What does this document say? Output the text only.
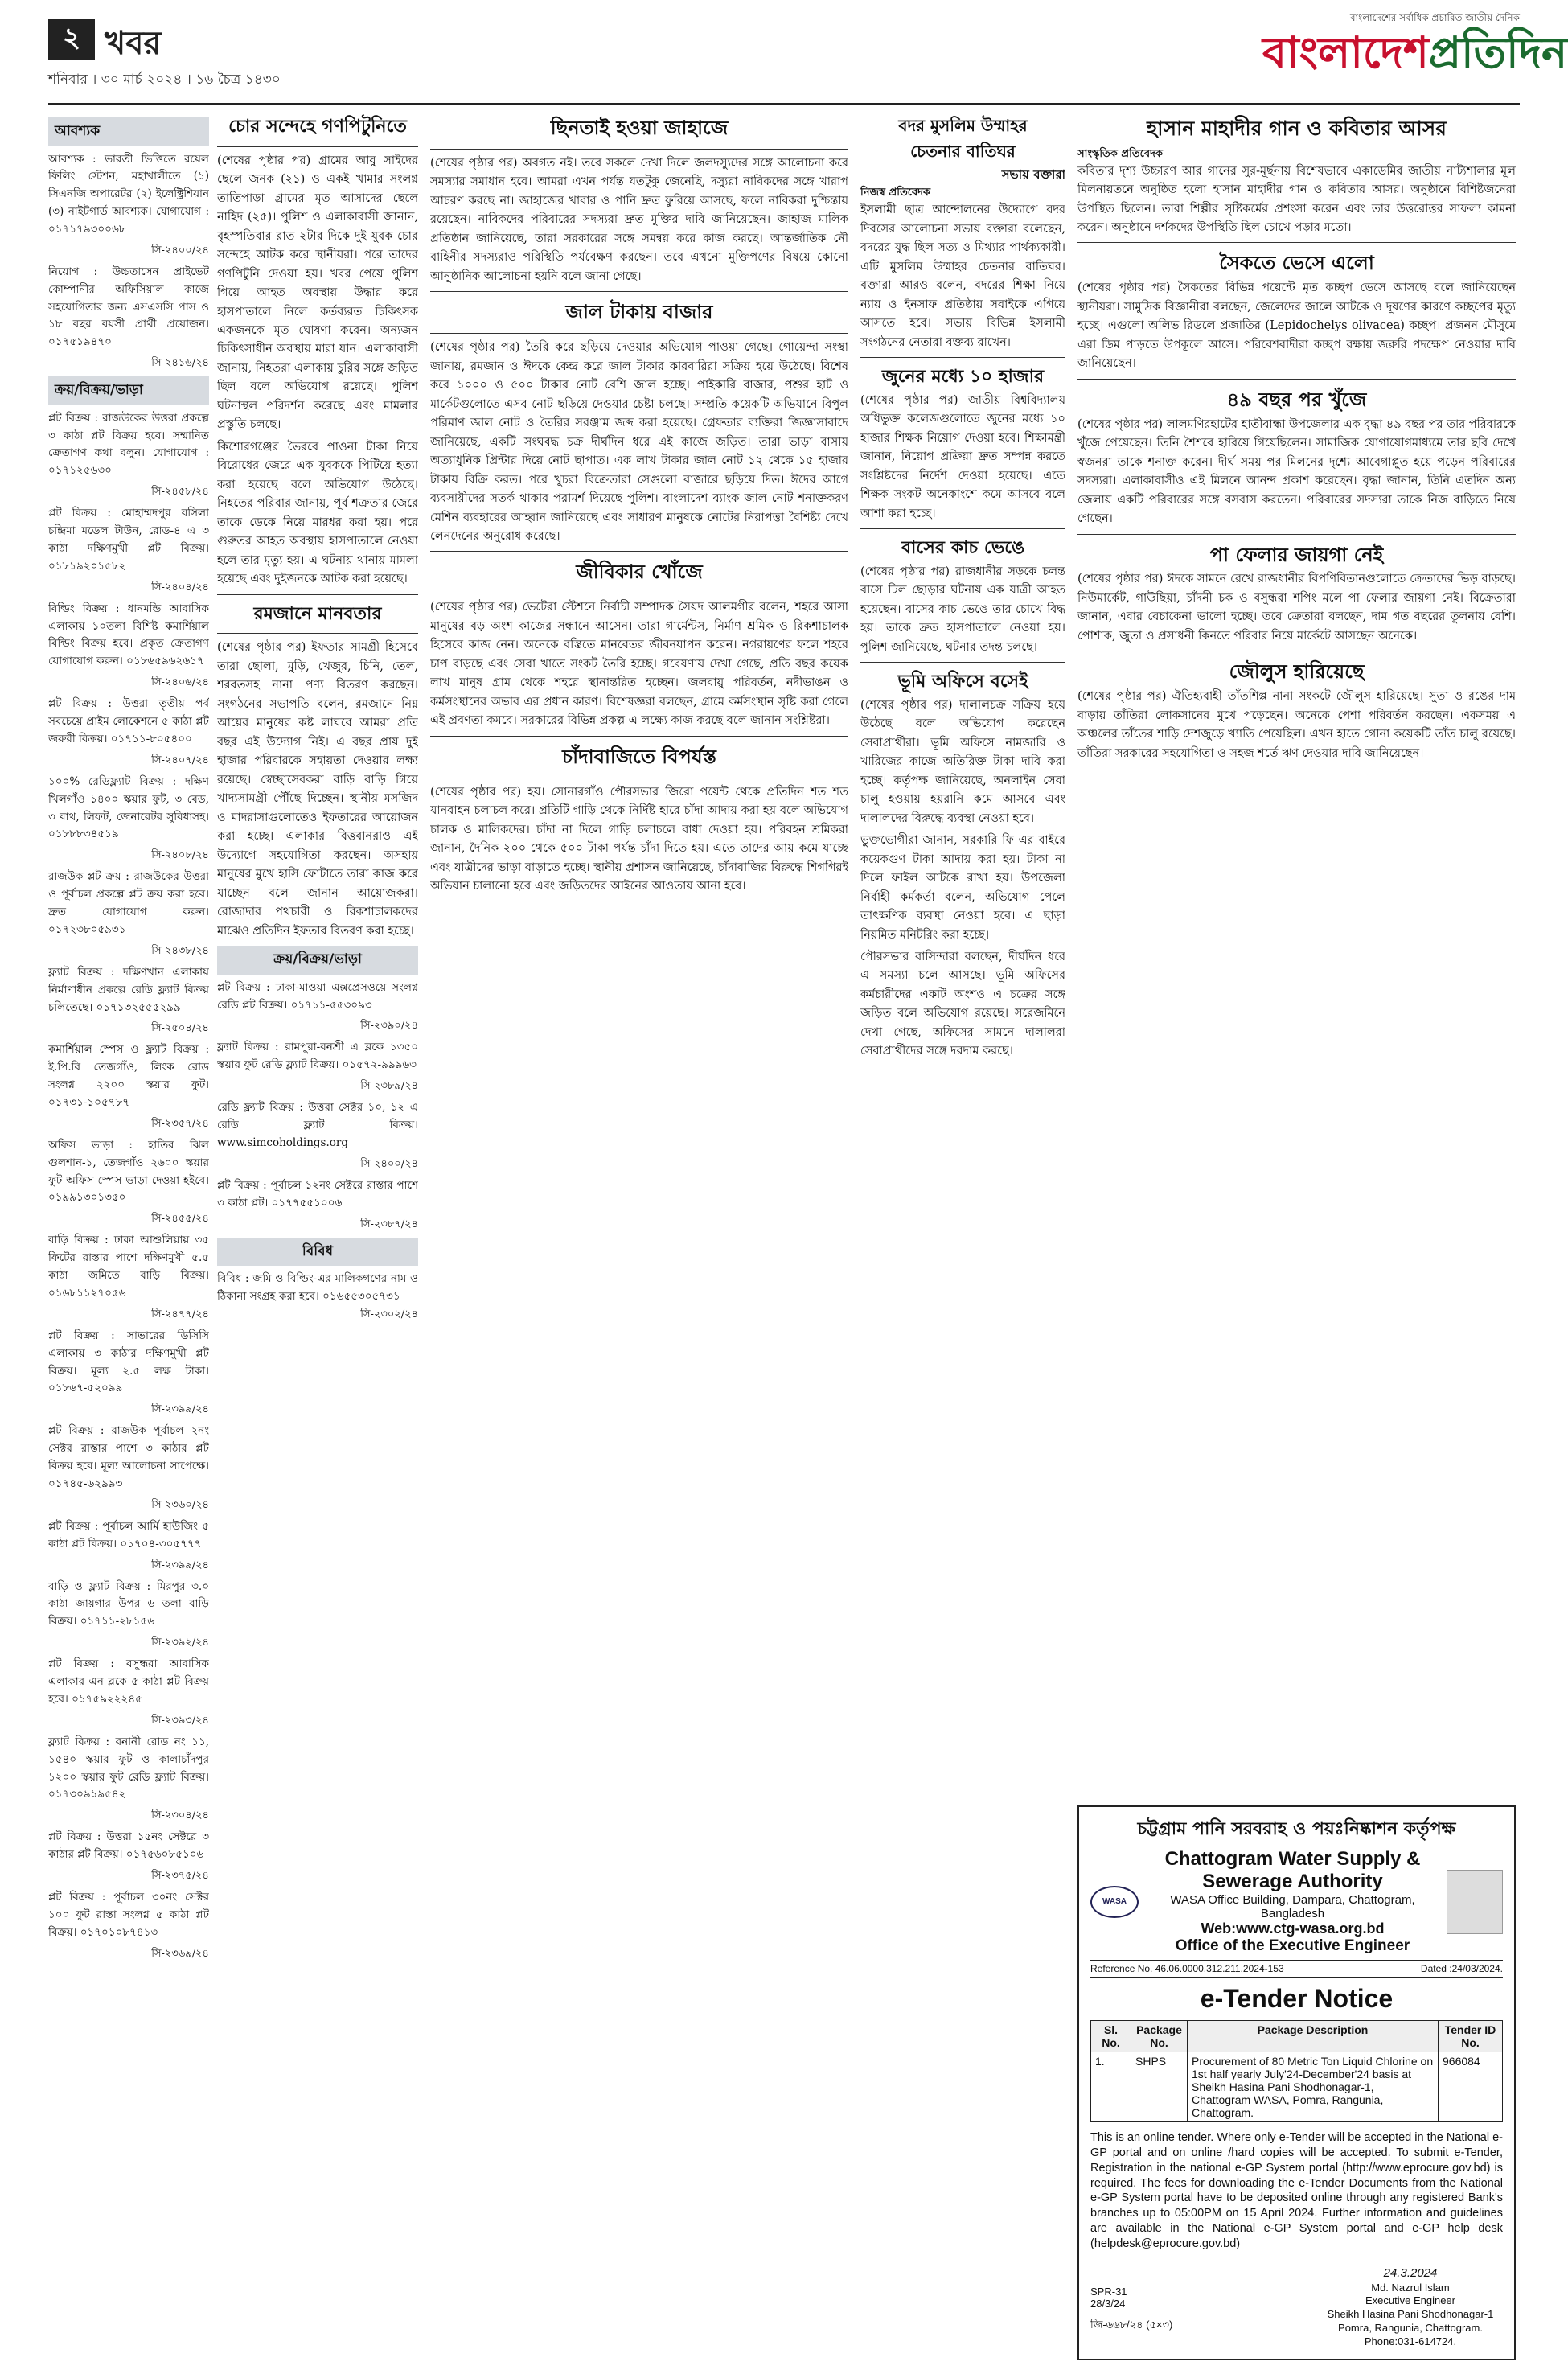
২ খবর
শনিবার । ৩০ মার্চ ২০২৪ । ১৬ চৈত্র ১৪৩০
বাংলাদেশের সর্বাধিক প্রচারিত জাতীয় দৈনিক
বাংলাদেশপ্রতিদিন
আবশ্যক

আবশ্যক : ভারতী ভিত্তিতে রয়েল ফিলিং স্টেশন, মহাখালীতে (১) সিএনজি অপারেটর (২) ইলেক্ট্রিশিয়ান (৩) নাইটগার্ড আবশ্যক। যোগাযোগ : ০১৭১৭৯৩০০৬৮

সি-২৪০০/২৪

নিয়োগ : উচ্চতাসেন প্রাইভেট কোম্পানীর অফিসিয়াল কাজে সহযোগিতার জন্য এসএসসি পাস ও ১৮ বছর বয়সী প্রার্থী প্রয়োজন। ০১৭৫১৯৪৭০

সি-২৪১৬/২৪
ক্রয়/বিক্রয়/ভাড়া

প্লট বিক্রয় : রাজউকের উত্তরা প্রকল্পে ৩ কাঠা প্লট বিক্রয় হবে। সম্মানিত ক্রেতাগণ কথা বলুন। যোগাযোগ : ০১৭১২৫৬৩০

সি-২৪৫৮/২৪

প্লট বিক্রয় : মোহাম্মদপুর বসিলা চন্দ্রিমা মডেল টাউন, রোড-৪ এ ৩ কাঠা দক্ষিণমুখী প্লট বিক্রয়। ০১৮১৯২০১৫৮২

সি-২৪০৪/২৪

বিল্ডিং বিক্রয় : ধানমন্ডি আবাসিক এলাকায় ১০তলা বিশিষ্ট কমার্শিয়াল বিল্ডিং বিক্রয় হবে। প্রকৃত ক্রেতাগণ যোগাযোগ করুন। ০১৮৬৫৯৬২৬১৭

সি-২৪০৬/২৪

প্লট বিক্রয় : উত্তরা তৃতীয় পর্ব সবচেয়ে প্রাইম লোকেশনে ৫ কাঠা প্লট জরুরী বিক্রয়। ০১৭১১-৮০৫৪০০

সি-২৪০৭/২৪

১০০% রেডিফ্ল্যাট বিক্রয় : দক্ষিণ খিলগাঁও ১৪০০ স্কয়ার ফুট, ৩ বেড, ৩ বাথ, লিফট, জেনারেটর সুবিধাসহ। ০১৮৮৮৩৪৫১৯

সি-২৪০৮/২৪

রাজউক প্লট ক্রয় : রাজউকের উত্তরা ও পূর্বাচল প্রকল্পে প্লট ক্রয় করা হবে। দ্রুত যোগাযোগ করুন। ০১৭২৩৮০৫৯৩১

সি-২৪৩৮/২৪

ফ্ল্যাট বিক্রয় : দক্ষিণখান এলাকায় নির্মাণাধীন প্রকল্পে রেডি ফ্ল্যাট বিক্রয় চলিতেছে। ০১৭১৩২৫৫৫২৯৯

সি-২৫০৪/২৪

কমার্শিয়াল স্পেস ও ফ্ল্যাট বিক্রয় : ই.পি.বি তেজগাঁও, লিংক রোড সংলগ্ন ২২০০ স্কয়ার ফুট। ০১৭৩১-১০৫৭৮৭

সি-২৩৫৭/২৪

অফিস ভাড়া : হাতির ঝিল গুলশান-১, তেজগাঁও ২৬০০ স্কয়ার ফুট অফিস স্পেস ভাড়া দেওয়া হইবে। ০১৯৯১৩০১৩৫০

সি-২৪৫৫/২৪

বাড়ি বিক্রয় : ঢাকা আশুলিয়ায় ৩৫ ফিটের রাস্তার পাশে দক্ষিণমুখী ৫.৫ কাঠা জমিতে বাড়ি বিক্রয়। ০১৬৮১১২৭০৫৬

সি-২৪৭৭/২৪

প্লট বিক্রয় : সাভারের ডিসিসি এলাকায় ৩ কাঠার দক্ষিণমুখী প্লট বিক্রয়। মূল্য ২.৫ লক্ষ টাকা। ০১৮৬৭-৫২০৯৯

সি-২৩৯৯/২৪

প্লট বিক্রয় : রাজউক পূর্বাচল ২নং সেক্টর রাস্তার পাশে ৩ কাঠার প্লট বিক্রয় হবে। মূল্য আলোচনা সাপেক্ষে। ০১৭৪৫-৬২৯৯৩

সি-২৩৬০/২৪

প্লট বিক্রয় : পূর্বাচল আর্মি হাউজিং ৫ কাঠা প্লট বিক্রয়। ০১৭০৪-৩০৫৭৭৭

সি-২৩৯৯/২৪

বাড়ি ও ফ্ল্যাট বিক্রয় : মিরপুর ৩.০ কাঠা জায়গার উপর ৬ তলা বাড়ি বিক্রয়। ০১৭১১-২৮১৫৬

সি-২৩৯২/২৪

প্লট বিক্রয় : বসুন্ধরা আবাসিক এলাকার এন ব্লকে ৫ কাঠা প্লট বিক্রয় হবে। ০১৭৫৯২২২৪৫

সি-২৩৯৩/২৪

ফ্ল্যাট বিক্রয় : বনানী রোড নং ১১, ১৫৪০ স্কয়ার ফুট ও কালাচাঁদপুর ১২০০ স্কয়ার ফুট রেডি ফ্ল্যাট বিক্রয়। ০১৭৩০৯১৯৫৪২

সি-২৩০৪/২৪

প্লট বিক্রয় : উত্তরা ১৫নং সেক্টরে ৩ কাঠার প্লট বিক্রয়। ০১৭৫৬০৮৫১০৬

সি-২৩৭৫/২৪

প্লট বিক্রয় : পূর্বাচল ৩০নং সেক্টর ১০০ ফুট রাস্তা সংলগ্ন ৫ কাঠা প্লট বিক্রয়। ০১৭০১০৮৭৪১৩

সি-২৩৬৯/২৪
চোর সন্দেহে গণপিটুনিতে

(শেষের পৃষ্ঠার পর) গ্রামের আবু সাইদের ছেলে জনক (২১) ও একই খামার সংলগ্ন তাতিপাড়া গ্রামের মৃত আসাদের ছেলে নাহিদ (২৫)। পুলিশ ও এলাকাবাসী জানান, বৃহস্পতিবার রাত ২টার দিকে দুই যুবক চোর সন্দেহে আটক করে স্থানীয়রা। পরে তাদের গণপিটুনি দেওয়া হয়। খবর পেয়ে পুলিশ গিয়ে আহত অবস্থায় উদ্ধার করে হাসপাতালে নিলে কর্তব্যরত চিকিৎসক একজনকে মৃত ঘোষণা করেন। অন্যজন চিকিৎসাধীন অবস্থায় মারা যান। এলাকাবাসী জানায়, নিহতরা এলাকায় চুরির সঙ্গে জড়িত ছিল বলে অভিযোগ রয়েছে। পুলিশ ঘটনাস্থল পরিদর্শন করেছে এবং মামলার প্রস্তুতি চলছে।

কিশোরগঞ্জের ভৈরবে পাওনা টাকা নিয়ে বিরোধের জেরে এক যুবককে পিটিয়ে হত্যা করা হয়েছে বলে অভিযোগ উঠেছে। নিহতের পরিবার জানায়, পূর্ব শত্রুতার জেরে তাকে ডেকে নিয়ে মারধর করা হয়। পরে গুরুতর আহত অবস্থায় হাসপাতালে নেওয়া হলে তার মৃত্যু হয়। এ ঘটনায় থানায় মামলা হয়েছে এবং দুইজনকে আটক করা হয়েছে।

রমজানে মানবতার

(শেষের পৃষ্ঠার পর) ইফতার সামগ্রী হিসেবে তারা ছোলা, মুড়ি, খেজুর, চিনি, তেল, শরবতসহ নানা পণ্য বিতরণ করছেন। সংগঠনের সভাপতি বলেন, রমজানে নিম্ন আয়ের মানুষের কষ্ট লাঘবে আমরা প্রতি বছর এই উদ্যোগ নিই। এ বছর প্রায় দুই হাজার পরিবারকে সহায়তা দেওয়ার লক্ষ্য রয়েছে। স্বেচ্ছাসেবকরা বাড়ি বাড়ি গিয়ে খাদ্যসামগ্রী পৌঁছে দিচ্ছেন। স্থানীয় মসজিদ ও মাদরাসাগুলোতেও ইফতারের আয়োজন করা হচ্ছে। এলাকার বিত্তবানরাও এই উদ্যোগে সহযোগিতা করছেন। অসহায় মানুষের মুখে হাসি ফোটাতে তারা কাজ করে যাচ্ছেন বলে জানান আয়োজকরা। রোজাদার পথচারী ও রিকশাচালকদের মাঝেও প্রতিদিন ইফতার বিতরণ করা হচ্ছে।

ক্রয়/বিক্রয়/ভাড়া

প্লট বিক্রয় : ঢাকা-মাওয়া এক্সপ্রেসওয়ে সংলগ্ন রেডি প্লট বিক্রয়। ০১৭১১-৫৫৩০৯৩

সি-২৩৯০/২৪

ফ্ল্যাট বিক্রয় : রামপুরা-বনশ্রী এ ব্লকে ১৩৫০ স্কয়ার ফুট রেডি ফ্ল্যাট বিক্রয়। ০১৫৭২-৯৯৯৬৩

সি-২৩৮৯/২৪

রেডি ফ্ল্যাট বিক্রয় : উত্তরা সেক্টর ১০, ১২ এ রেডি ফ্ল্যাট বিক্রয়। www.simcoholdings.org

সি-২৪০০/২৪

প্লট বিক্রয় : পূর্বাচল ১২নং সেক্টরে রাস্তার পাশে ৩ কাঠা প্লট। ০১৭৭৫৫১০০৬

সি-২৩৮৭/২৪
বিবিধ

বিবিধ : জমি ও বিল্ডিং-এর মালিকগণের নাম ও ঠিকানা সংগ্রহ করা হবে। ০১৬৫৫৩০৫৭৩১

সি-২৩০২/২৪
ছিনতাই হওয়া জাহাজে

(শেষের পৃষ্ঠার পর) অবগত নই। তবে সকলে দেখা দিলে জলদস্যুদের সঙ্গে আলোচনা করে সমস্যার সমাধান হবে। আমরা এখন পর্যন্ত যতটুকু জেনেছি, দস্যুরা নাবিকদের সঙ্গে খারাপ আচরণ করছে না। জাহাজের খাবার ও পানি দ্রুত ফুরিয়ে আসছে, ফলে নাবিকরা দুশ্চিন্তায় রয়েছেন। নাবিকদের পরিবারের সদস্যরা দ্রুত মুক্তির দাবি জানিয়েছেন। জাহাজ মালিক প্রতিষ্ঠান জানিয়েছে, তারা সরকারের সঙ্গে সমন্বয় করে কাজ করছে। আন্তর্জাতিক নৌ বাহিনীর সদস্যরাও পরিস্থিতি পর্যবেক্ষণ করছেন। তবে এখনো মুক্তিপণের বিষয়ে কোনো আনুষ্ঠানিক আলোচনা হয়নি বলে জানা গেছে।

জাল টাকায় বাজার

(শেষের পৃষ্ঠার পর) তৈরি করে ছড়িয়ে দেওয়ার অভিযোগ পাওয়া গেছে। গোয়েন্দা সংস্থা জানায়, রমজান ও ঈদকে কেন্দ্র করে জাল টাকার কারবারিরা সক্রিয় হয়ে উঠেছে। বিশেষ করে ১০০০ ও ৫০০ টাকার নোট বেশি জাল হচ্ছে। পাইকারি বাজার, পশুর হাট ও মার্কেটগুলোতে এসব নোট ছড়িয়ে দেওয়ার চেষ্টা চলছে। সম্প্রতি কয়েকটি অভিযানে বিপুল পরিমাণ জাল নোট ও তৈরির সরঞ্জাম জব্দ করা হয়েছে। গ্রেফতার ব্যক্তিরা জিজ্ঞাসাবাদে জানিয়েছে, একটি সংঘবদ্ধ চক্র দীর্ঘদিন ধরে এই কাজে জড়িত। তারা ভাড়া বাসায় অত্যাধুনিক প্রিন্টার দিয়ে নোট ছাপাত। এক লাখ টাকার জাল নোট ১২ থেকে ১৫ হাজার টাকায় বিক্রি করত। পরে খুচরা বিক্রেতারা সেগুলো বাজারে ছড়িয়ে দিত। ঈদের আগে ব্যবসায়ীদের সতর্ক থাকার পরামর্শ দিয়েছে পুলিশ। বাংলাদেশ ব্যাংক জাল নোট শনাক্তকরণ মেশিন ব্যবহারের আহ্বান জানিয়েছে এবং সাধারণ মানুষকে নোটের নিরাপত্তা বৈশিষ্ট্য দেখে লেনদেনের অনুরোধ করেছে।

জীবিকার খোঁজে

(শেষের পৃষ্ঠার পর) ভেটেরা স্টেশনে নির্বাচী সম্পাদক সৈয়দ আলমগীর বলেন, শহরে আসা মানুষের বড় অংশ কাজের সন্ধানে আসেন। তারা গার্মেন্টস, নির্মাণ শ্রমিক ও রিকশাচালক হিসেবে কাজ নেন। অনেকে বস্তিতে মানবেতর জীবনযাপন করেন। নগরায়ণের ফলে শহরে চাপ বাড়ছে এবং সেবা খাতে সংকট তৈরি হচ্ছে। গবেষণায় দেখা গেছে, প্রতি বছর কয়েক লাখ মানুষ গ্রাম থেকে শহরে স্থানান্তরিত হচ্ছেন। জলবায়ু পরিবর্তন, নদীভাঙন ও কর্মসংস্থানের অভাব এর প্রধান কারণ। বিশেষজ্ঞরা বলছেন, গ্রামে কর্মসংস্থান সৃষ্টি করা গেলে এই প্রবণতা কমবে। সরকারের বিভিন্ন প্রকল্প এ লক্ষ্যে কাজ করছে বলে জানান সংশ্লিষ্টরা।

চাঁদাবাজিতে বিপর্যস্ত

(শেষের পৃষ্ঠার পর) হয়। সোনারগাঁও পৌরসভার জিরো পয়েন্ট থেকে প্রতিদিন শত শত যানবাহন চলাচল করে। প্রতিটি গাড়ি থেকে নির্দিষ্ট হারে চাঁদা আদায় করা হয় বলে অভিযোগ চালক ও মালিকদের। চাঁদা না দিলে গাড়ি চলাচলে বাধা দেওয়া হয়। পরিবহন শ্রমিকরা জানান, দৈনিক ২০০ থেকে ৫০০ টাকা পর্যন্ত চাঁদা দিতে হয়। এতে তাদের আয় কমে যাচ্ছে এবং যাত্রীদের ভাড়া বাড়াতে হচ্ছে। স্থানীয় প্রশাসন জানিয়েছে, চাঁদাবাজির বিরুদ্ধে শিগগিরই অভিযান চালানো হবে এবং জড়িতদের আইনের আওতায় আনা হবে।

বদর মুসলিম উম্মাহর
চেতনার বাতিঘর
সভায় বক্তারা
নিজস্ব প্রতিবেদক

ইসলামী ছাত্র আন্দোলনের উদ্যোগে বদর দিবসের আলোচনা সভায় বক্তারা বলেছেন, বদরের যুদ্ধ ছিল সত্য ও মিথ্যার পার্থক্যকারী। এটি মুসলিম উম্মাহর চেতনার বাতিঘর। বক্তারা আরও বলেন, বদরের শিক্ষা নিয়ে ন্যায় ও ইনসাফ প্রতিষ্ঠায় সবাইকে এগিয়ে আসতে হবে। সভায় বিভিন্ন ইসলামী সংগঠনের নেতারা বক্তব্য রাখেন।

জুনের মধ্যে ১০ হাজার

(শেষের পৃষ্ঠার পর) জাতীয় বিশ্ববিদ্যালয় অধিভুক্ত কলেজগুলোতে জুনের মধ্যে ১০ হাজার শিক্ষক নিয়োগ দেওয়া হবে। শিক্ষামন্ত্রী জানান, নিয়োগ প্রক্রিয়া দ্রুত সম্পন্ন করতে সংশ্লিষ্টদের নির্দেশ দেওয়া হয়েছে। এতে শিক্ষক সংকট অনেকাংশে কমে আসবে বলে আশা করা হচ্ছে।

বাসের কাচ ভেঙে

(শেষের পৃষ্ঠার পর) রাজধানীর সড়কে চলন্ত বাসে ঢিল ছোড়ার ঘটনায় এক যাত্রী আহত হয়েছেন। বাসের কাচ ভেঙে তার চোখে বিদ্ধ হয়। তাকে দ্রুত হাসপাতালে নেওয়া হয়। পুলিশ জানিয়েছে, ঘটনার তদন্ত চলছে।

ভূমি অফিসে বসেই

(শেষের পৃষ্ঠার পর) দালালচক্র সক্রিয় হয়ে উঠেছে বলে অভিযোগ করেছেন সেবাপ্রার্থীরা। ভূমি অফিসে নামজারি ও খারিজের কাজে অতিরিক্ত টাকা দাবি করা হচ্ছে। কর্তৃপক্ষ জানিয়েছে, অনলাইন সেবা চালু হওয়ায় হয়রানি কমে আসবে এবং দালালদের বিরুদ্ধে ব্যবস্থা নেওয়া হবে।

ভুক্তভোগীরা জানান, সরকারি ফি এর বাইরে কয়েকগুণ টাকা আদায় করা হয়। টাকা না দিলে ফাইল আটকে রাখা হয়। উপজেলা নির্বাহী কর্মকর্তা বলেন, অভিযোগ পেলে তাৎক্ষণিক ব্যবস্থা নেওয়া হবে। এ ছাড়া নিয়মিত মনিটরিং করা হচ্ছে।

পৌরসভার বাসিন্দারা বলছেন, দীর্ঘদিন ধরে এ সমস্যা চলে আসছে। ভূমি অফিসের কর্মচারীদের একটি অংশও এ চক্রের সঙ্গে জড়িত বলে অভিযোগ রয়েছে। সরেজমিনে দেখা গেছে, অফিসের সামনে দালালরা সেবাপ্রার্থীদের সঙ্গে দরদাম করছে।

হাসান মাহাদীর গান ও কবিতার আসর
সাংস্কৃতিক প্রতিবেদক

কবিতার দৃশ্য উচ্চারণ আর গানের সুর-মূর্ছনায় বিশেষভাবে একাডেমির জাতীয় নাট্যশালার মূল মিলনায়তনে অনুষ্ঠিত হলো হাসান মাহাদীর গান ও কবিতার আসর। অনুষ্ঠানে বিশিষ্টজনেরা উপস্থিত ছিলেন। তারা শিল্পীর সৃষ্টিকর্মের প্রশংসা করেন এবং তার উত্তরোত্তর সাফল্য কামনা করেন। অনুষ্ঠানে দর্শকদের উপস্থিতি ছিল চোখে পড়ার মতো।

সৈকতে ভেসে এলো

(শেষের পৃষ্ঠার পর) সৈকতের বিভিন্ন পয়েন্টে মৃত কচ্ছপ ভেসে আসছে বলে জানিয়েছেন স্থানীয়রা। সামুদ্রিক বিজ্ঞানীরা বলছেন, জেলেদের জালে আটকে ও দূষণের কারণে কচ্ছপের মৃত্যু হচ্ছে। এগুলো অলিভ রিডলে প্রজাতির (Lepidochelys olivacea) কচ্ছপ। প্রজনন মৌসুমে এরা ডিম পাড়তে উপকূলে আসে। পরিবেশবাদীরা কচ্ছপ রক্ষায় জরুরি পদক্ষেপ নেওয়ার দাবি জানিয়েছেন।

৪৯ বছর পর খুঁজে

(শেষের পৃষ্ঠার পর) লালমণিরহাটের হাতীবান্ধা উপজেলার এক বৃদ্ধা ৪৯ বছর পর তার পরিবারকে খুঁজে পেয়েছেন। তিনি শৈশবে হারিয়ে গিয়েছিলেন। সামাজিক যোগাযোগমাধ্যমে তার ছবি দেখে স্বজনরা তাকে শনাক্ত করেন। দীর্ঘ সময় পর মিলনের দৃশ্যে আবেগাপ্লুত হয়ে পড়েন পরিবারের সদস্যরা। এলাকাবাসীও এই মিলনে আনন্দ প্রকাশ করেছেন। বৃদ্ধা জানান, তিনি এতদিন অন্য জেলায় একটি পরিবারের সঙ্গে বসবাস করতেন। পরিবারের সদস্যরা তাকে নিজ বাড়িতে নিয়ে গেছেন।

পা ফেলার জায়গা নেই

(শেষের পৃষ্ঠার পর) ঈদকে সামনে রেখে রাজধানীর বিপণিবিতানগুলোতে ক্রেতাদের ভিড় বাড়ছে। নিউমার্কেট, গাউছিয়া, চাঁদনী চক ও বসুন্ধরা শপিং মলে পা ফেলার জায়গা নেই। বিক্রেতারা জানান, এবার বেচাকেনা ভালো হচ্ছে। তবে ক্রেতারা বলছেন, দাম গত বছরের তুলনায় বেশি। পোশাক, জুতা ও প্রসাধনী কিনতে পরিবার নিয়ে মার্কেটে আসছেন অনেকে।

জৌলুস হারিয়েছে

(শেষের পৃষ্ঠার পর) ঐতিহ্যবাহী তাঁতশিল্প নানা সংকটে জৌলুস হারিয়েছে। সুতা ও রঙের দাম বাড়ায় তাঁতিরা লোকসানের মুখে পড়েছেন। অনেকে পেশা পরিবর্তন করছেন। একসময় এ অঞ্চলের তাঁতের শাড়ি দেশজুড়ে খ্যাতি পেয়েছিল। এখন হাতে গোনা কয়েকটি তাঁত চালু রয়েছে। তাঁতিরা সরকারের সহযোগিতা ও সহজ শর্তে ঋণ দেওয়ার দাবি জানিয়েছেন।

চট্টগ্রাম পানি সরবরাহ ও পয়ঃনিষ্কাশন কর্তৃপক্ষ
WASA
Chattogram Water Supply & Sewerage Authority
WASA Office Building, Dampara, Chattogram, Bangladesh
Web:www.ctg-wasa.org.bd
Office of the Executive Engineer
Reference No. 46.06.0000.312.211.2024-153	Dated :24/03/2024.
e-Tender Notice
Sl. No.	Package No.	Package Description	Tender ID No.
1.	SHPS	Procurement of 80 Metric Ton Liquid Chlorine on 1st half yearly July'24-December'24 basis at Sheikh Hasina Pani Shodhonagar-1, Chattogram WASA, Pomra, Rangunia, Chattogram.	966084
This is an online tender. Where only e-Tender will be accepted in the National e-GP portal and on online /hard copies will be accepted. To submit e-Tender, Registration in the national e-GP System portal (http://www.eprocure.gov.bd) is required. The fees for downloading the e-Tender Documents from the National e-GP System portal have to be deposited online through any registered Bank's branches up to 05:00PM on 15 April 2024. Further information and guidelines are available in the National e-GP System portal and e-GP help desk (helpdesk@eprocure.gov.bd)
SPR-31
28/3/24
জি-৬৬৮/২৪ (৫×৩)
24.3.2024
Md. Nazrul Islam
Executive Engineer
Sheikh Hasina Pani Shodhonagar-1
Pomra, Rangunia, Chattogram.
Phone:031-614724.
